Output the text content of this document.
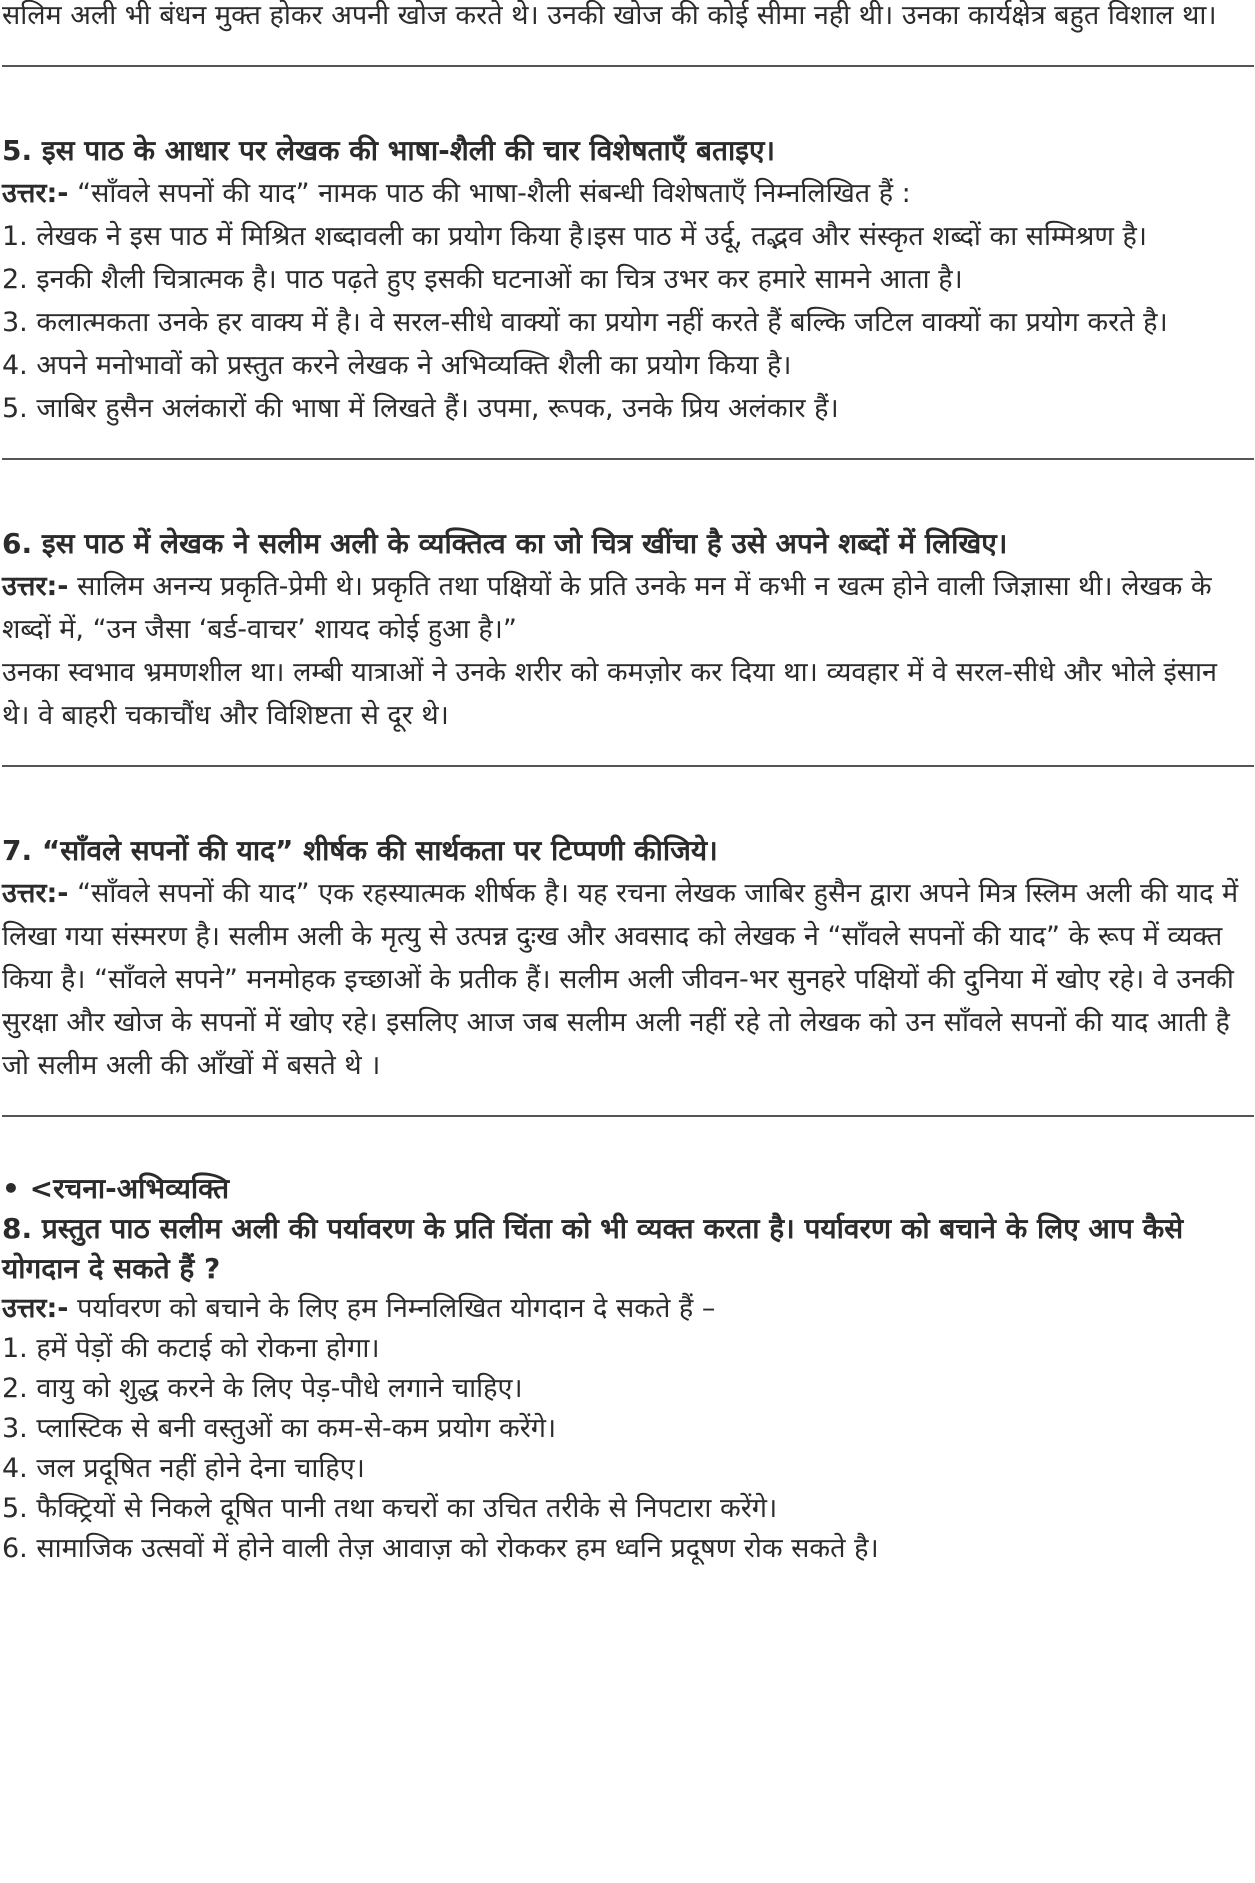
सलिम अली भी बंधन मुक्त होकर अपनी खोज करते थे। उनकी खोज की कोई सीमा नही थी। उनका कार्यक्षेत्र बहुत विशाल था।

5. इस पाठ के आधार पर लेखक की भाषा-शैली की चार विशेषताएँ बताइए।

उत्तर:- “साँवले सपनों की याद” नामक पाठ की भाषा-शैली संबन्धी विशेषताएँ निम्नलिखित हैं :

1. लेखक ने इस पाठ में मिश्रित शब्दावली का प्रयोग किया है।इस पाठ में उर्दू, तद्भव और संस्कृत शब्दों का सम्मिश्रण है।

2. इनकी शैली चित्रात्मक है। पाठ पढ़ते हुए इसकी घटनाओं का चित्र उभर कर हमारे सामने आता है।

3. कलात्मकता उनके हर वाक्य में है। वे सरल-सीधे वाक्यों का प्रयोग नहीं करते हैं बल्कि जटिल वाक्यों का प्रयोग करते है।

4. अपने मनोभावों को प्रस्तुत करने लेखक ने अभिव्यक्ति शैली का प्रयोग किया है।

5. जाबिर हुसैन अलंकारों की भाषा में लिखते हैं। उपमा, रूपक, उनके प्रिय अलंकार हैं।

6. इस पाठ में लेखक ने सलीम अली के व्यक्तित्व का जो चित्र खींचा है उसे अपने शब्दों में लिखिए।

उत्तर:- सालिम अनन्य प्रकृति-प्रेमी थे। प्रकृति तथा पक्षियों के प्रति उनके मन में कभी न खत्म होने वाली जिज्ञासा थी। लेखक के शब्दों में, “उन जैसा ‘बर्ड-वाचर’ शायद कोई हुआ है।”

उनका स्वभाव भ्रमणशील था। लम्बी यात्राओं ने उनके शरीर को कमज़ोर कर दिया था। व्यवहार में वे सरल-सीधे और भोले इंसान थे। वे बाहरी चकाचौंध और विशिष्टता से दूर थे।

7. “साँवले सपनों की याद” शीर्षक की सार्थकता पर टिप्पणी कीजिये।

उत्तर:- “साँवले सपनों की याद” एक रहस्यात्मक शीर्षक है। यह रचना लेखक जाबिर हुसैन द्वारा अपने मित्र स्लिम अली की याद में लिखा गया संस्मरण है। सलीम अली के मृत्यु से उत्पन्न दुःख और अवसाद को लेखक ने “साँवले सपनों की याद” के रूप में व्यक्त किया है। “साँवले सपने” मनमोहक इच्छाओं के प्रतीक हैं। सलीम अली जीवन-भर सुनहरे पक्षियों की दुनिया में खोए रहे। वे उनकी सुरक्षा और खोज के सपनों में खोए रहे। इसलिए आज जब सलीम अली नहीं रहे तो लेखक को उन साँवले सपनों की याद आती है जो सलीम अली की आँखों में बसते थे ।

• <रचना-अभिव्यक्ति

8. प्रस्तुत पाठ सलीम अली की पर्यावरण के प्रति चिंता को भी व्यक्त करता है। पर्यावरण को बचाने के लिए आप कैसे योगदान दे सकते हैं ?

उत्तर:- पर्यावरण को बचाने के लिए हम निम्नलिखित योगदान दे सकते हैं –

1. हमें पेड़ों की कटाई को रोकना होगा।

2. वायु को शुद्ध करने के लिए पेड़-पौधे लगाने चाहिए।

3. प्लास्टिक से बनी वस्तुओं का कम-से-कम प्रयोग करेंगे।

4. जल प्रदूषित नहीं होने देना चाहिए।

5. फैक्ट्रियों से निकले दूषित पानी तथा कचरों का उचित तरीके से निपटारा करेंगे।

6. सामाजिक उत्सवों में होने वाली तेज़ आवाज़ को रोककर हम ध्वनि प्रदूषण रोक सकते है।
